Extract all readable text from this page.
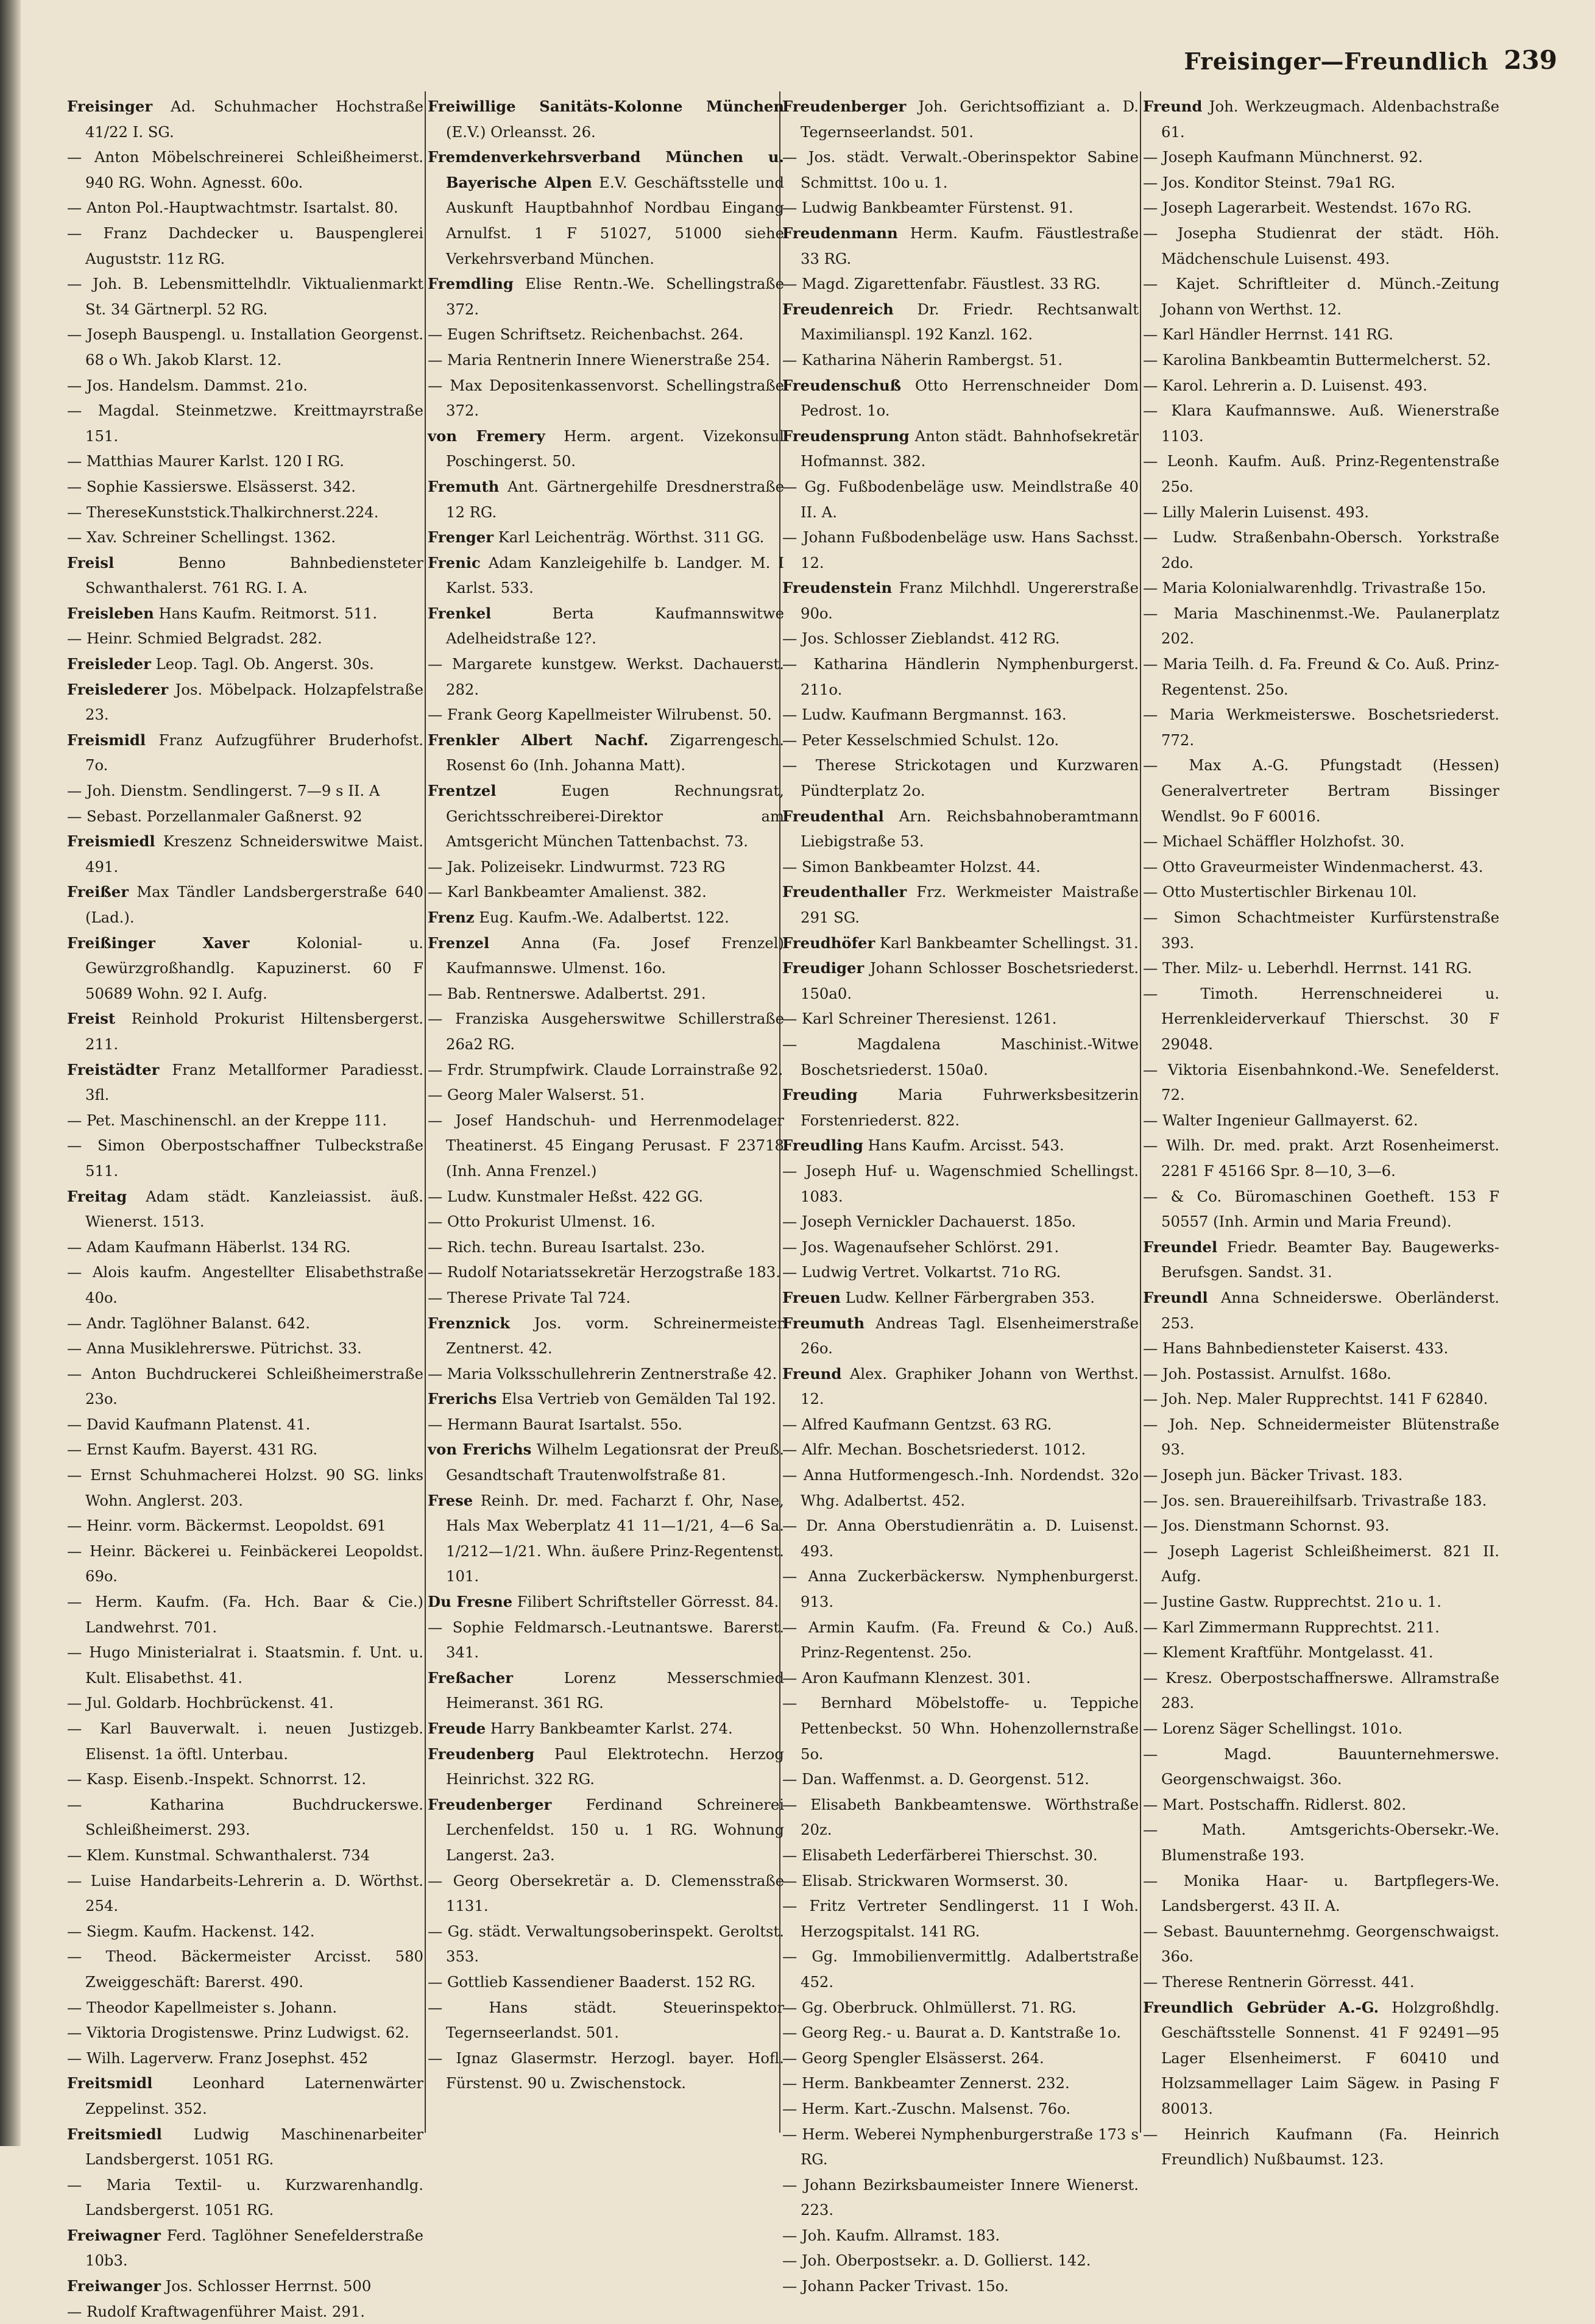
Freisinger—Freundlich 239

Freisinger Ad. Schuhmacher Hochstraße 41/22 I. SG.

— Anton Möbelschreinerei Schleißheimerst. 940 RG. Wohn. Agnesst. 60o.

— Anton Pol.-Hauptwachtmstr. Isartalst. 80.

— Franz Dachdecker u. Bauspenglerei Auguststr. 11z RG.

— Joh. B. Lebensmittelhdlr. Viktualienmarkt St. 34 Gärtnerpl. 52 RG.

— Joseph Bauspengl. u. Installation Georgenst. 68 o Wh. Jakob Klarst. 12.

— Jos. Handelsm. Dammst. 21o.

— Magdal. Steinmetzwe. Kreittmayrstraße 151.

— Matthias Maurer Karlst. 120 I RG.

— Sophie Kassierswe. Elsässerst. 342.

— ThereseKunststick.Thalkirchnerst.224.

— Xav. Schreiner Schellingst. 1362.

Freisl Benno Bahnbediensteter Schwanthalerst. 761 RG. I. A.

Freisleben Hans Kaufm. Reitmorst. 511.

— Heinr. Schmied Belgradst. 282.

Freisleder Leop. Tagl. Ob. Angerst. 30s.

Freislederer Jos. Möbelpack. Holzapfelstraße 23.

Freismidl Franz Aufzugführer Bruderhofst. 7o.

— Joh. Dienstm. Sendlingerst. 7—9 s II. A

— Sebast. Porzellanmaler Gaßnerst. 92

Freismiedl Kreszenz Schneiderswitwe Maist. 491.

Freißer Max Tändler Landsbergerstraße 640 (Lad.).

Freißinger Xaver Kolonial- u. Gewürzgroßhandlg. Kapuzinerst. 60 F 50689 Wohn. 92 I. Aufg.

Freist Reinhold Prokurist Hiltensbergerst. 211.

Freistädter Franz Metallformer Paradiesst. 3fl.

— Pet. Maschinenschl. an der Kreppe 111.

— Simon Oberpostschaffner Tulbeckstraße 511.

Freitag Adam städt. Kanzleiassist. äuß. Wienerst. 1513.

— Adam Kaufmann Häberlst. 134 RG.

— Alois kaufm. Angestellter Elisabethstraße 40o.

— Andr. Taglöhner Balanst. 642.

— Anna Musiklehrerswe. Pütrichst. 33.

— Anton Buchdruckerei Schleißheimerstraße 23o.

— David Kaufmann Platenst. 41.

— Ernst Kaufm. Bayerst. 431 RG.

— Ernst Schuhmacherei Holzst. 90 SG. links Wohn. Anglerst. 203.

— Heinr. vorm. Bäckermst. Leopoldst. 691

— Heinr. Bäckerei u. Feinbäckerei Leopoldst. 69o.

— Herm. Kaufm. (Fa. Hch. Baar & Cie.) Landwehrst. 701.

— Hugo Ministerialrat i. Staatsmin. f. Unt. u. Kult. Elisabethst. 41.

— Jul. Goldarb. Hochbrückenst. 41.

— Karl Bauverwalt. i. neuen Justizgeb. Elisenst. 1a öftl. Unterbau.

— Kasp. Eisenb.-Inspekt. Schnorrst. 12.

— Katharina Buchdruckerswe. Schleißheimerst. 293.

— Klem. Kunstmal. Schwanthalerst. 734

— Luise Handarbeits-Lehrerin a. D. Wörthst. 254.

— Siegm. Kaufm. Hackenst. 142.

— Theod. Bäckermeister Arcisst. 580 Zweiggeschäft: Barerst. 490.

— Theodor Kapellmeister s. Johann.

— Viktoria Drogistenswe. Prinz Ludwigst. 62.

— Wilh. Lagerverw. Franz Josephst. 452

Freitsmidl Leonhard Laternenwärter Zeppelinst. 352.

Freitsmiedl Ludwig Maschinenarbeiter Landsbergerst. 1051 RG.

— Maria Textil- u. Kurzwarenhandlg. Landsbergerst. 1051 RG.

Freiwagner Ferd. Taglöhner Senefelderstraße 10b3.

Freiwanger Jos. Schlosser Herrnst. 500

— Rudolf Kraftwagenführer Maist. 291.

Freiwillige Sanitäts-Kolonne München (E.V.) Orleansst. 26.

Fremdenverkehrsverband München u. Bayerische Alpen E.V. Geschäftsstelle und Auskunft Hauptbahnhof Nordbau Eingang Arnulfst. 1 F 51027, 51000 siehe Verkehrsverband München.

Fremdling Elise Rentn.-We. Schellingstraße 372.

— Eugen Schriftsetz. Reichenbachst. 264.

— Maria Rentnerin Innere Wienerstraße 254.

— Max Depositenkassenvorst. Schellingstraße 372.

von Fremery Herm. argent. Vizekonsul Poschingerst. 50.

Fremuth Ant. Gärtnergehilfe Dresdnerstraße 12 RG.

Frenger Karl Leichenträg. Wörthst. 311 GG.

Frenic Adam Kanzleigehilfe b. Landger. M. I Karlst. 533.

Frenkel Berta Kaufmannswitwe Adelheidstraße 12?.

— Margarete kunstgew. Werkst. Dachauerst. 282.

— Frank Georg Kapellmeister Wilrubenst. 50.

Frenkler Albert Nachf. Zigarrengesch. Rosenst 6o (Inh. Johanna Matt).

Frentzel Eugen Rechnungsrat, Gerichtsschreiberei-Direktor am Amtsgericht München Tattenbachst. 73.

— Jak. Polizeisekr. Lindwurmst. 723 RG

— Karl Bankbeamter Amalienst. 382.

Frenz Eug. Kaufm.-We. Adalbertst. 122.

Frenzel Anna (Fa. Josef Frenzel) Kaufmannswe. Ulmenst. 16o.

— Bab. Rentnerswe. Adalbertst. 291.

— Franziska Ausgeherswitwe Schillerstraße 26a2 RG.

— Frdr. Strumpfwirk. Claude Lorrainstraße 92.

— Georg Maler Walserst. 51.

— Josef Handschuh- und Herrenmodelager Theatinerst. 45 Eingang Perusast. F 23718 (Inh. Anna Frenzel.)

— Ludw. Kunstmaler Heßst. 422 GG.

— Otto Prokurist Ulmenst. 16.

— Rich. techn. Bureau Isartalst. 23o.

— Rudolf Notariatssekretär Herzogstraße 183.

— Therese Private Tal 724.

Frenznick Jos. vorm. Schreinermeister Zentnerst. 42.

— Maria Volksschullehrerin Zentnerstraße 42.

Frerichs Elsa Vertrieb von Gemälden Tal 192.

— Hermann Baurat Isartalst. 55o.

von Frerichs Wilhelm Legationsrat der Preuß. Gesandtschaft Trautenwolfstraße 81.

Frese Reinh. Dr. med. Facharzt f. Ohr, Nase, Hals Max Weberplatz 41 11—1/21, 4—6 Sa. 1/212—1/21. Whn. äußere Prinz-Regentenst. 101.

Du Fresne Filibert Schriftsteller Görresst. 84.

— Sophie Feldmarsch.-Leutnantswe. Barerst. 341.

Freßacher Lorenz Messerschmied Heimeranst. 361 RG.

Freude Harry Bankbeamter Karlst. 274.

Freudenberg Paul Elektrotechn. Herzog Heinrichst. 322 RG.

Freudenberger Ferdinand Schreinerei Lerchenfeldst. 150 u. 1 RG. Wohnung Langerst. 2a3.

— Georg Obersekretär a. D. Clemensstraße 1131.

— Gg. städt. Verwaltungsoberinspekt. Geroltst. 353.

— Gottlieb Kassendiener Baaderst. 152 RG.

— Hans städt. Steuerinspektor Tegernseerlandst. 501.

— Ignaz Glasermstr. Herzogl. bayer. Hofl. Fürstenst. 90 u. Zwischenstock.

Freudenberger Joh. Gerichtsoffiziant a. D. Tegernseerlandst. 501.

— Jos. städt. Verwalt.-Oberinspektor Sabine Schmittst. 10o u. 1.

— Ludwig Bankbeamter Fürstenst. 91.

Freudenmann Herm. Kaufm. Fäustlestraße 33 RG.

— Magd. Zigarettenfabr. Fäustlest. 33 RG.

Freudenreich Dr. Friedr. Rechtsanwalt Maximilianspl. 192 Kanzl. 162.

— Katharina Näherin Rambergst. 51.

Freudenschuß Otto Herrenschneider Dom Pedrost. 1o.

Freudensprung Anton städt. Bahnhofsekretär Hofmannst. 382.

— Gg. Fußbodenbeläge usw. Meindlstraße 40 II. A.

— Johann Fußbodenbeläge usw. Hans Sachsst. 12.

Freudenstein Franz Milchhdl. Ungererstraße 90o.

— Jos. Schlosser Zieblandst. 412 RG.

— Katharina Händlerin Nymphenburgerst. 211o.

— Ludw. Kaufmann Bergmannst. 163.

— Peter Kesselschmied Schulst. 12o.

— Therese Strickotagen und Kurzwaren Pündterplatz 2o.

Freudenthal Arn. Reichsbahnoberamtmann Liebigstraße 53.

— Simon Bankbeamter Holzst. 44.

Freudenthaller Frz. Werkmeister Maistraße 291 SG.

Freudhöfer Karl Bankbeamter Schellingst. 31.

Freudiger Johann Schlosser Boschetsriederst. 150a0.

— Karl Schreiner Theresienst. 1261.

— Magdalena Maschinist.-Witwe Boschetsriederst. 150a0.

Freuding Maria Fuhrwerksbesitzerin Forstenriederst. 822.

Freudling Hans Kaufm. Arcisst. 543.

— Joseph Huf- u. Wagenschmied Schellingst. 1083.

— Joseph Vernickler Dachauerst. 185o.

— Jos. Wagenaufseher Schlörst. 291.

— Ludwig Vertret. Volkartst. 71o RG.

Freuen Ludw. Kellner Färbergraben 353.

Freumuth Andreas Tagl. Elsenheimerstraße 26o.

Freund Alex. Graphiker Johann von Werthst. 12.

— Alfred Kaufmann Gentzst. 63 RG.

— Alfr. Mechan. Boschetsriederst. 1012.

— Anna Hutformengesch.-Inh. Nordendst. 32o Whg. Adalbertst. 452.

— Dr. Anna Oberstudienrätin a. D. Luisenst. 493.

— Anna Zuckerbäckersw. Nymphenburgerst. 913.

— Armin Kaufm. (Fa. Freund & Co.) Auß. Prinz-Regentenst. 25o.

— Aron Kaufmann Klenzest. 301.

— Bernhard Möbelstoffe- u. Teppiche Pettenbeckst. 50 Whn. Hohenzollernstraße 5o.

— Dan. Waffenmst. a. D. Georgenst. 512.

— Elisabeth Bankbeamtenswe. Wörthstraße 20z.

— Elisabeth Lederfärberei Thierschst. 30.

— Elisab. Strickwaren Wormserst. 30.

— Fritz Vertreter Sendlingerst. 11 I Woh. Herzogspitalst. 141 RG.

— Gg. Immobilienvermittlg. Adalbertstraße 452.

— Gg. Oberbruck. Ohlmüllerst. 71. RG.

— Georg Reg.- u. Baurat a. D. Kantstraße 1o.

— Georg Spengler Elsässerst. 264.

— Herm. Bankbeamter Zennerst. 232.

— Herm. Kart.-Zuschn. Malsenst. 76o.

— Herm. Weberei Nymphenburgerstraße 173 s RG.

— Johann Bezirksbaumeister Innere Wienerst. 223.

— Joh. Kaufm. Allramst. 183.

— Joh. Oberpostsekr. a. D. Gollierst. 142.

— Johann Packer Trivast. 15o.

Freund Joh. Werkzeugmach. Aldenbachstraße 61.

— Joseph Kaufmann Münchnerst. 92.

— Jos. Konditor Steinst. 79a1 RG.

— Joseph Lagerarbeit. Westendst. 167o RG.

— Josepha Studienrat der städt. Höh. Mädchenschule Luisenst. 493.

— Kajet. Schriftleiter d. Münch.-Zeitung Johann von Werthst. 12.

— Karl Händler Herrnst. 141 RG.

— Karolina Bankbeamtin Buttermelcherst. 52.

— Karol. Lehrerin a. D. Luisenst. 493.

— Klara Kaufmannswe. Auß. Wienerstraße 1103.

— Leonh. Kaufm. Auß. Prinz-Regentenstraße 25o.

— Lilly Malerin Luisenst. 493.

— Ludw. Straßenbahn-Obersch. Yorkstraße 2do.

— Maria Kolonialwarenhdlg. Trivastraße 15o.

— Maria Maschinenmst.-We. Paulanerplatz 202.

— Maria Teilh. d. Fa. Freund & Co. Auß. Prinz-Regentenst. 25o.

— Maria Werkmeisterswe. Boschetsriederst. 772.

— Max A.-G. Pfungstadt (Hessen) Generalvertreter Bertram Bissinger Wendlst. 9o F 60016.

— Michael Schäffler Holzhofst. 30.

— Otto Graveurmeister Windenmacherst. 43.

— Otto Mustertischler Birkenau 10l.

— Simon Schachtmeister Kurfürstenstraße 393.

— Ther. Milz- u. Leberhdl. Herrnst. 141 RG.

— Timoth. Herrenschneiderei u. Herrenkleiderverkauf Thierschst. 30 F 29048.

— Viktoria Eisenbahnkond.-We. Senefelderst. 72.

— Walter Ingenieur Gallmayerst. 62.

— Wilh. Dr. med. prakt. Arzt Rosenheimerst. 2281 F 45166 Spr. 8—10, 3—6.

— & Co. Büromaschinen Goetheft. 153 F 50557 (Inh. Armin und Maria Freund).

Freundel Friedr. Beamter Bay. Baugewerks-Berufsgen. Sandst. 31.

Freundl Anna Schneiderswe. Oberländerst. 253.

— Hans Bahnbediensteter Kaiserst. 433.

— Joh. Postassist. Arnulfst. 168o.

— Joh. Nep. Maler Rupprechtst. 141 F 62840.

— Joh. Nep. Schneidermeister Blütenstraße 93.

— Joseph jun. Bäcker Trivast. 183.

— Jos. sen. Brauereihilfsarb. Trivastraße 183.

— Jos. Dienstmann Schornst. 93.

— Joseph Lagerist Schleißheimerst. 821 II. Aufg.

— Justine Gastw. Rupprechtst. 21o u. 1.

— Karl Zimmermann Rupprechtst. 211.

— Klement Kraftführ. Montgelasst. 41.

— Kresz. Oberpostschaffnerswe. Allramstraße 283.

— Lorenz Säger Schellingst. 101o.

— Magd. Bauunternehmerswe. Georgenschwaigst. 36o.

— Mart. Postschaffn. Ridlerst. 802.

— Math. Amtsgerichts-Obersekr.-We. Blumenstraße 193.

— Monika Haar- u. Bartpflegers-We. Landsbergerst. 43 II. A.

— Sebast. Bauunternehmg. Georgenschwaigst. 36o.

— Therese Rentnerin Görresst. 441.

Freundlich Gebrüder A.-G. Holzgroßhdlg. Geschäftsstelle Sonnenst. 41 F 92491—95 Lager Elsenheimerst. F 60410 und Holzsammellager Laim Sägew. in Pasing F 80013.

— Heinrich Kaufmann (Fa. Heinrich Freundlich) Nußbaumst. 123.
